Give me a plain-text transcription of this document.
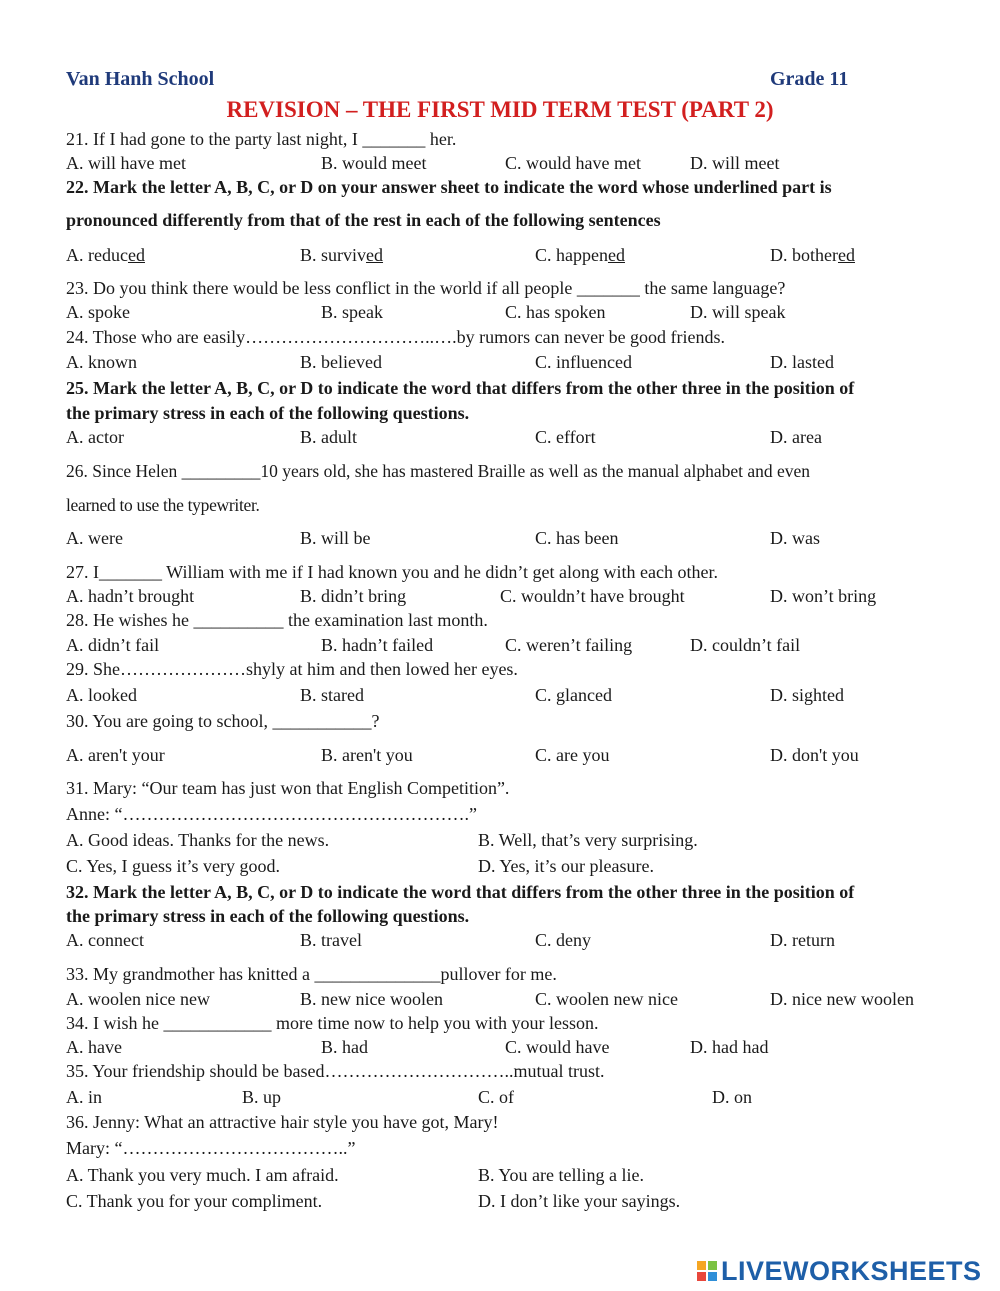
Van Hanh School	Grade 11
REVISION – THE FIRST MID TERM TEST (PART 2)
21. If I had gone to the party last night, I _______ her.
A. will have met	B. would meet	C. would have met	D. will meet
22. Mark the letter A, B, C, or D on your answer sheet to indicate the word whose underlined part is
pronounced differently from that of the rest in each of the following sentences
A. reduced	B. survived	C. happened	D. bothered
23. Do you think there would be less conflict in the world if all people _______ the same language?
A. spoke	B. speak	C. has spoken	D. will speak
24. Those who are easily…………………………..….by rumors can never be good friends.
A. known	B. believed	C. influenced	D. lasted
25. Mark the letter A, B, C, or D to indicate the word that differs from the other three in the position of
the primary stress in each of the following questions.
A. actor	B. adult	C. effort	D. area
26. Since Helen _________10 years old, she has mastered Braille as well as the manual alphabet and even
learned to use the typewriter.
A. were	B. will be	C. has been	D. was
27. I_______ William with me if I had known you and he didn’t get along with each other.
A. hadn’t brought	B. didn’t bring	C. wouldn’t have brought	D. won’t bring
28. He wishes he __________ the examination last month.
A. didn’t fail	B. hadn’t failed	C. weren’t failing	D. couldn’t fail
29. She…………………shyly at him and then lowed her eyes.
A. looked	B. stared	C. glanced	D. sighted
30. You are going to school, ___________?
A. aren't your	B. aren't you	C. are you	D. don't you
31. Mary: “Our team has just won that English Competition”.
Anne: “………………………………………………….”
A. Good ideas. Thanks for the news.	B. Well, that’s very surprising.
C. Yes, I guess it’s very good.	D. Yes, it’s our pleasure.
32. Mark the letter A, B, C, or D to indicate the word that differs from the other three in the position of
the primary stress in each of the following questions.
A. connect	B. travel	C. deny	D. return
33. My grandmother has knitted a ______________pullover for me.
A. woolen nice new	B. new nice woolen	C. woolen new nice	D. nice new woolen
34. I wish he ____________ more time now to help you with your lesson.
A. have	B. had	C. would have	D. had had
35. Your friendship should be based…………………………..mutual trust.
A. in	B. up	C. of	D. on
36. Jenny: What an attractive hair style you have got, Mary!
Mary: “………………………………..”
A. Thank you very much. I am afraid.	B. You are telling a lie.
C. Thank you for your compliment.	D. I don’t like your sayings.
LIVEWORKSHEETS
